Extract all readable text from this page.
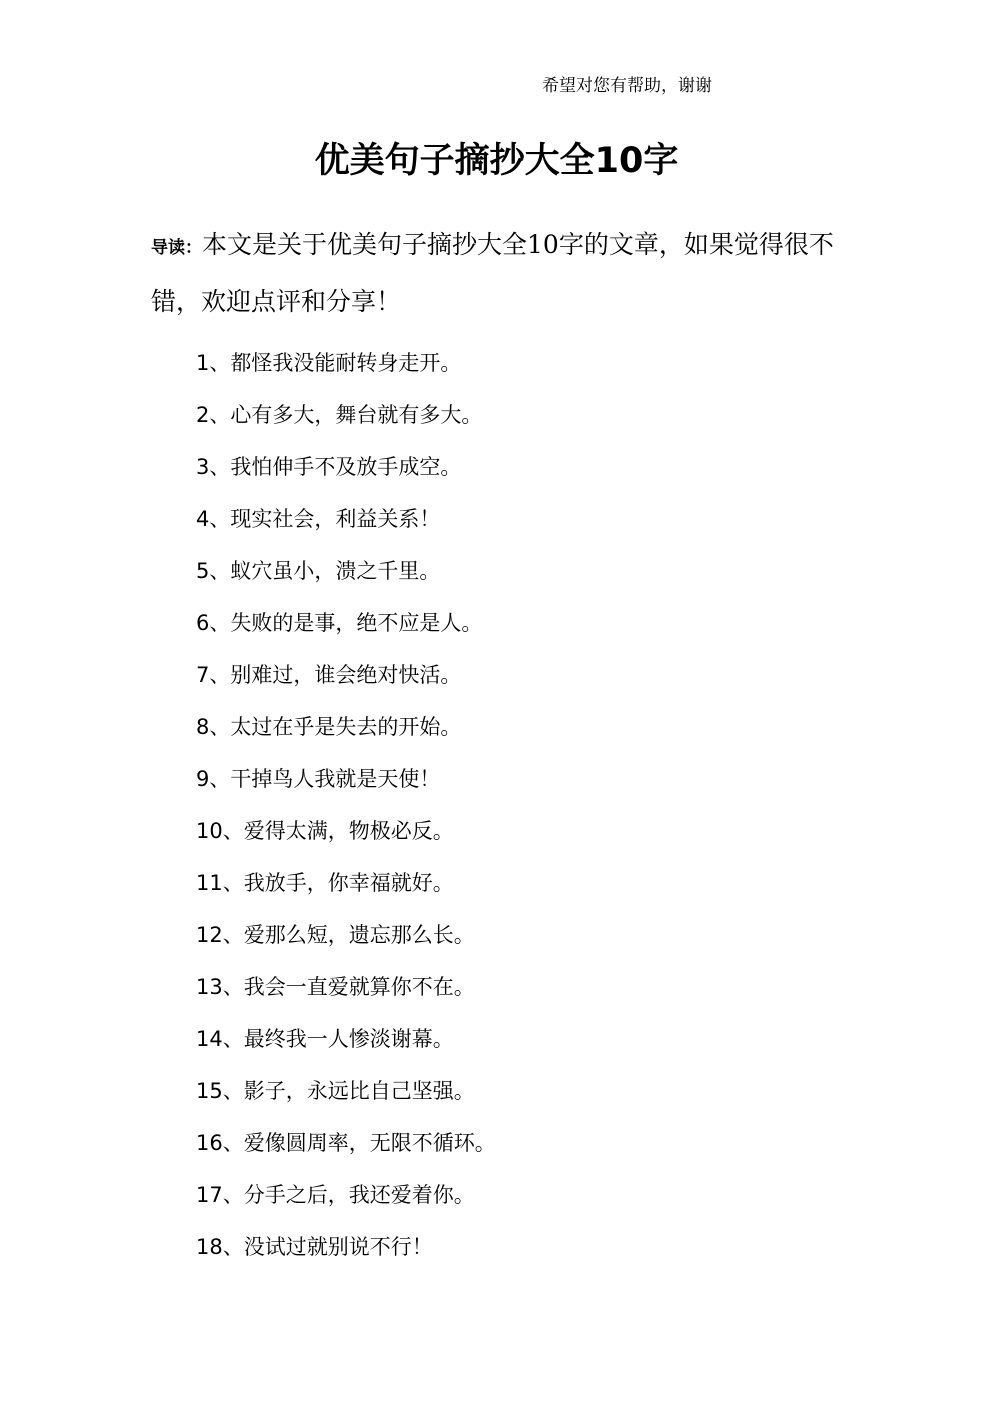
希望对您有帮助，谢谢
优美句子摘抄大全10字
导读：本文是关于优美句子摘抄大全10字的文章，如果觉得很不错，欢迎点评和分享！
1、都怪我没能耐转身走开。
2、心有多大，舞台就有多大。
3、我怕伸手不及放手成空。
4、现实社会，利益关系！
5、蚁穴虽小，溃之千里。
6、失败的是事，绝不应是人。
7、别难过，谁会绝对快活。
8、太过在乎是失去的开始。
9、干掉鸟人我就是天使！
10、爱得太满，物极必反。
11、我放手，你幸福就好。
12、爱那么短，遗忘那么长。
13、我会一直爱就算你不在。
14、最终我一人惨淡谢幕。
15、影子，永远比自己坚强。
16、爱像圆周率，无限不循环。
17、分手之后，我还爱着你。
18、没试过就别说不行！
